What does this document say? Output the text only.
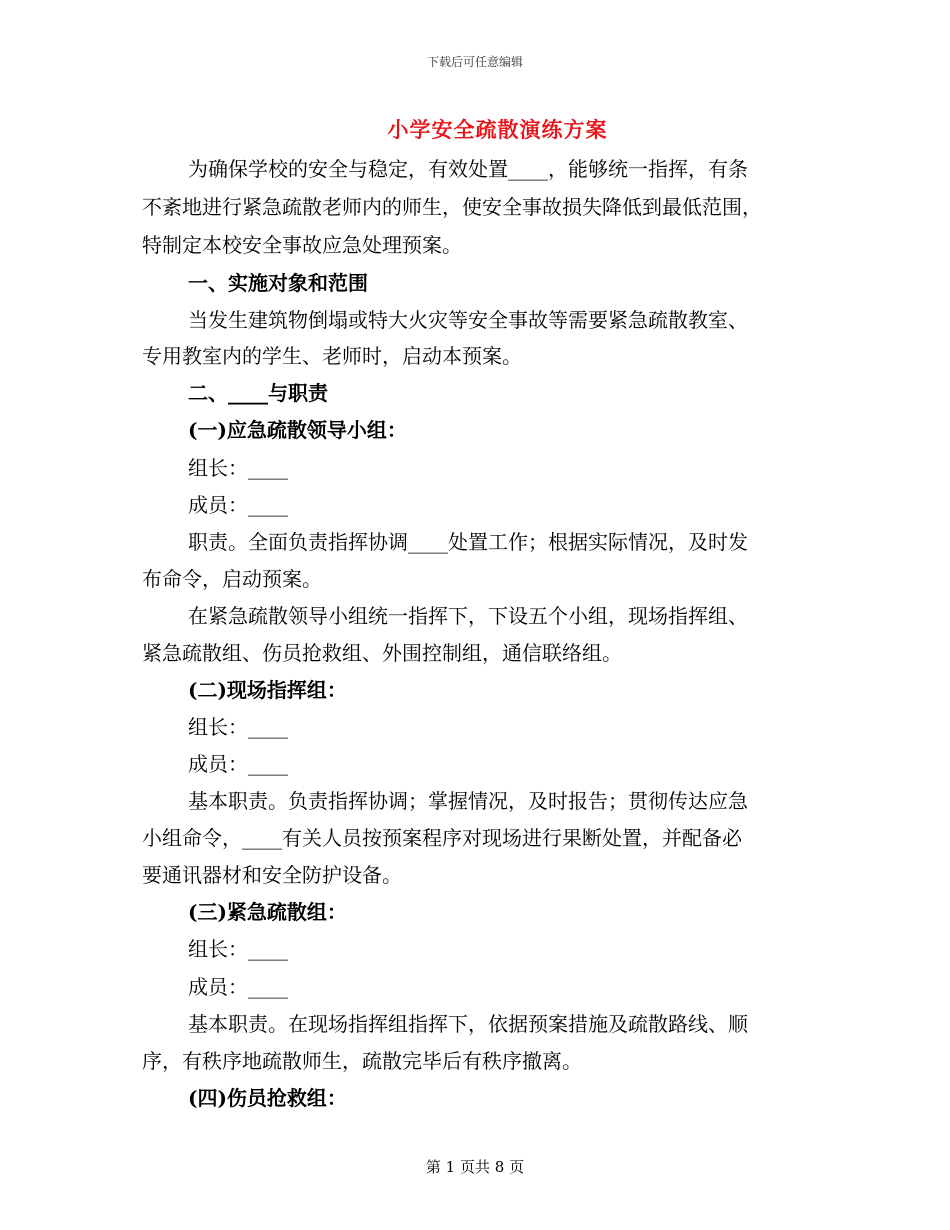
下载后可任意编辑
小学安全疏散演练方案
为确保学校的安全与稳定，有效处置____，能够统一指挥，有条
不紊地进行紧急疏散老师内的师生，使安全事故损失降低到最低范围，
特制定本校安全事故应急处理预案。
一、实施对象和范围
当发生建筑物倒塌或特大火灾等安全事故等需要紧急疏散教室、
专用教室内的学生、老师时，启动本预案。
二、____与职责
(一)应急疏散领导小组：
组长：____
成员：____
职责。全面负责指挥协调____处置工作；根据实际情况，及时发
布命令，启动预案。
在紧急疏散领导小组统一指挥下，下设五个小组，现场指挥组、
紧急疏散组、伤员抢救组、外围控制组，通信联络组。
(二)现场指挥组：
组长：____
成员：____
基本职责。负责指挥协调；掌握情况，及时报告；贯彻传达应急
小组命令，____有关人员按预案程序对现场进行果断处置，并配备必
要通讯器材和安全防护设备。
(三)紧急疏散组：
组长：____
成员：____
基本职责。在现场指挥组指挥下，依据预案措施及疏散路线、顺
序，有秩序地疏散师生，疏散完毕后有秩序撤离。
(四)伤员抢救组：
第 1 页共 8 页
